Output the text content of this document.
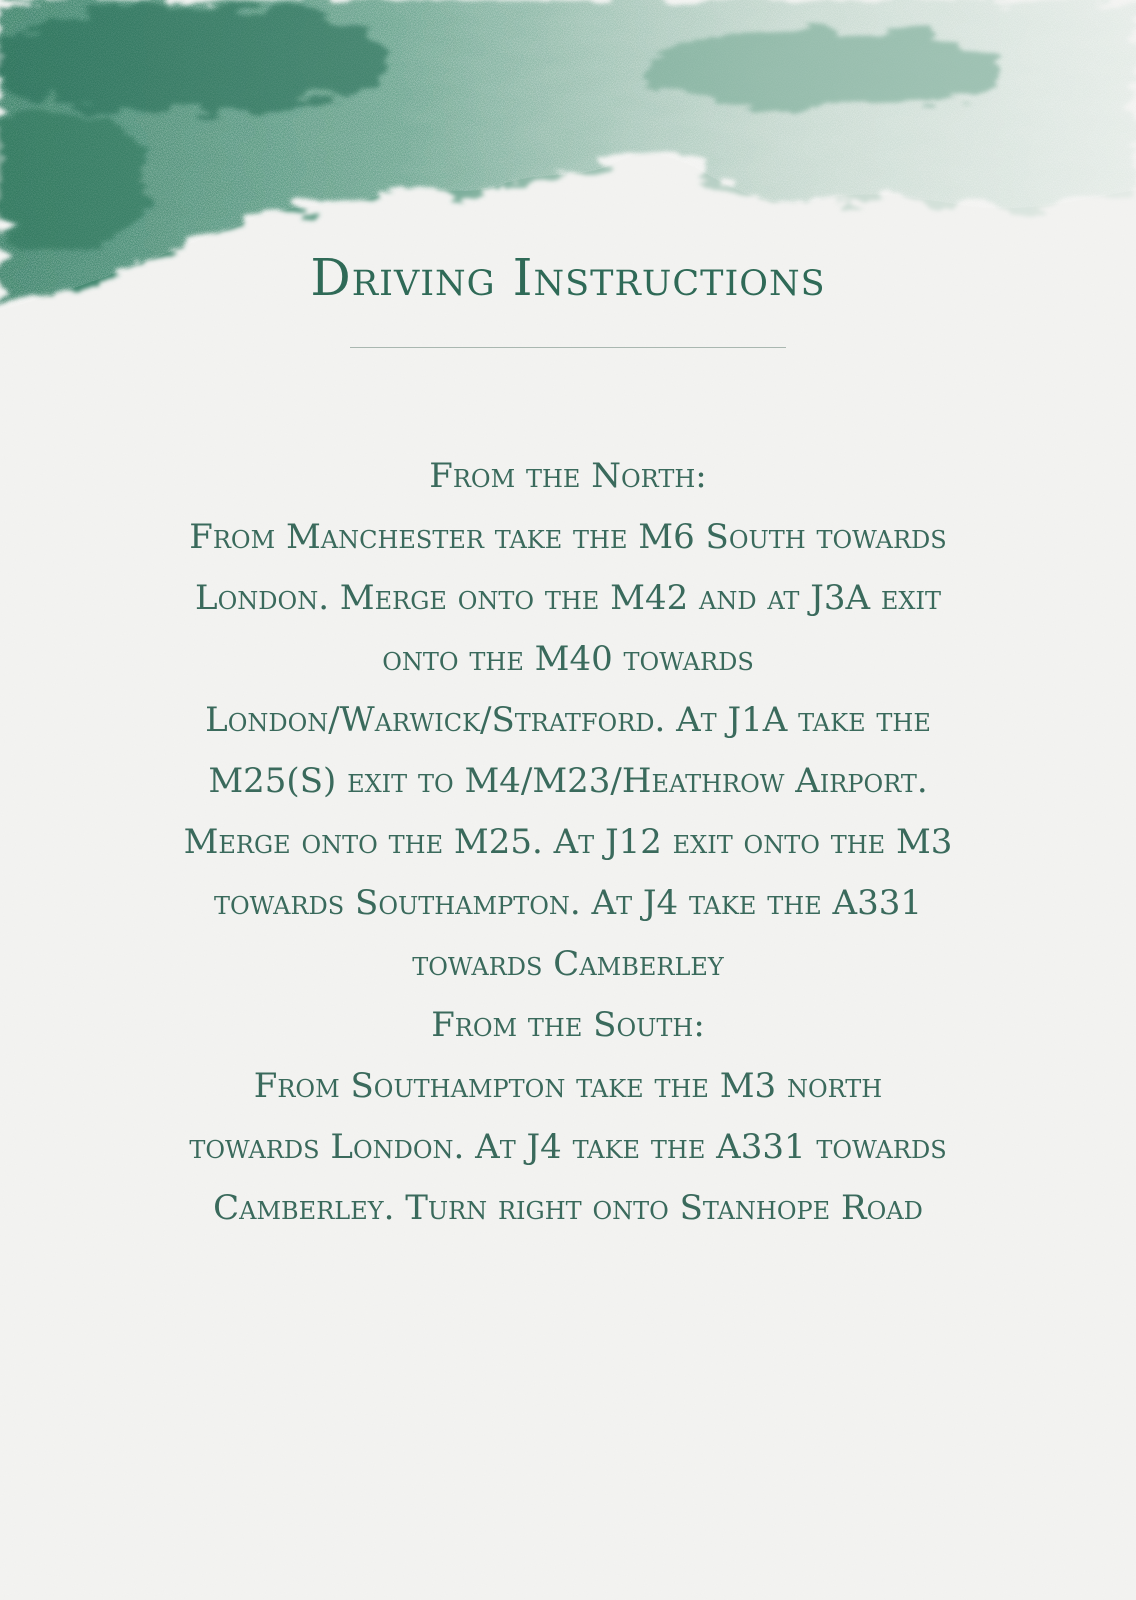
Driving Instructions
From the North:
From Manchester take the M6 South towards
London. Merge onto the M42 and at J3A exit
onto the M40 towards
London/Warwick/Stratford. At J1A take the
M25(S) exit to M4/M23/Heathrow Airport.
Merge onto the M25. At J12 exit onto the M3
towards Southampton. At J4 take the A331
towards Camberley
From the South:
From Southampton take the M3 north
towards London. At J4 take the A331 towards
Camberley. Turn right onto Stanhope Road
